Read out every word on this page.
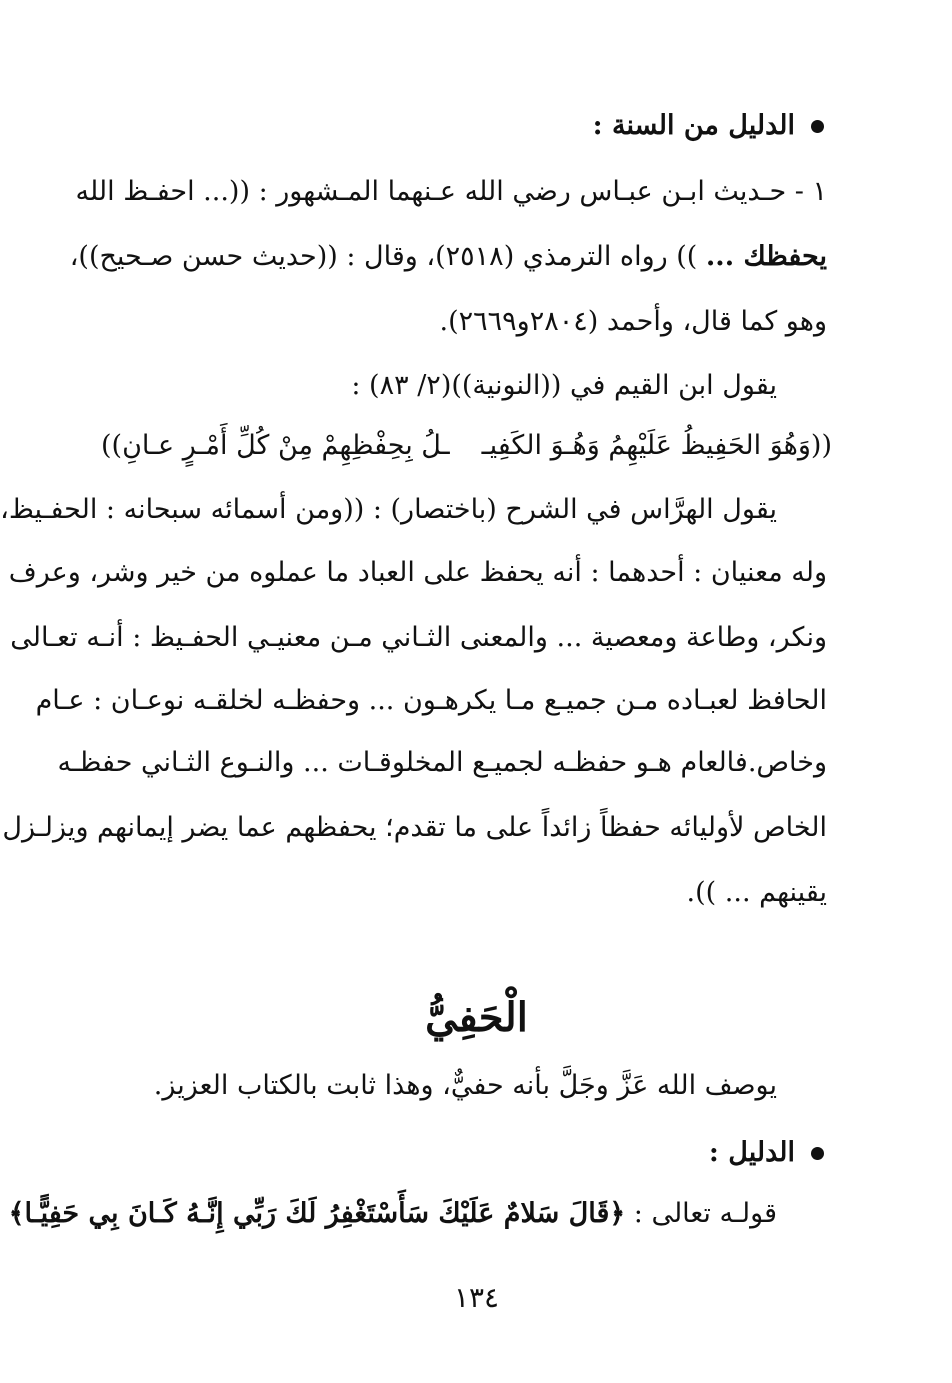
الدليل من السنة :
١ - حـديث ابـن عبـاس رضي الله عـنهما المـشهور : ((... احفـظ الله
يحفظك ... )) رواه الترمذي (٢٥١٨)، وقال : ((حديث حسن صـحيح))،
وهو كما قال، وأحمد (٢٨٠٤و٢٦٦٩).
يقول ابن القيم في ((النونية))(٢/ ٨٣) :
((وَهُوَ الحَفِيظُ عَلَيْهِمُ وَهُـوَ الكَفِيـ
ـلُ بِحِفْظِهِمْ مِنْ كُلِّ أَمْـرٍ عـانِ))
يقول الهرَّاس في الشرح (باختصار) : ((ومن أسمائه سبحانه : الحفـيظ،
وله معنيان : أحدهما : أنه يحفظ على العباد ما عملوه من خير وشر، وعرف
ونكر، وطاعة ومعصية ... والمعنى الثـاني مـن معنيـي الحفـيظ : أنـه تعـالى
الحافظ لعبـاده مـن جميـع مـا يكرهـون ... وحفظـه لخلقـه نوعـان : عـام
وخاص.فالعام هـو حفظـه لجميـع المخلوقـات ... والنـوع الثـاني حفظـه
الخاص لأوليائه حفظاً زائداً على ما تقدم؛ يحفظهم عما يضر إيمانهم ويزلـزل
يقينهم ... )).
الْحَفِيُّ
يوصف الله عَزَّ وجَلَّ بأنه حفيٌّ، وهذا ثابت بالكتاب العزيز.
الدليل :
قولـه تعالى : ﴿قَالَ سَلامٌ عَلَيْكَ سَأَسْتَغْفِرُ لَكَ رَبِّي إِنَّـهُ كَـانَ بِي حَفِيًّـا﴾
١٣٤
